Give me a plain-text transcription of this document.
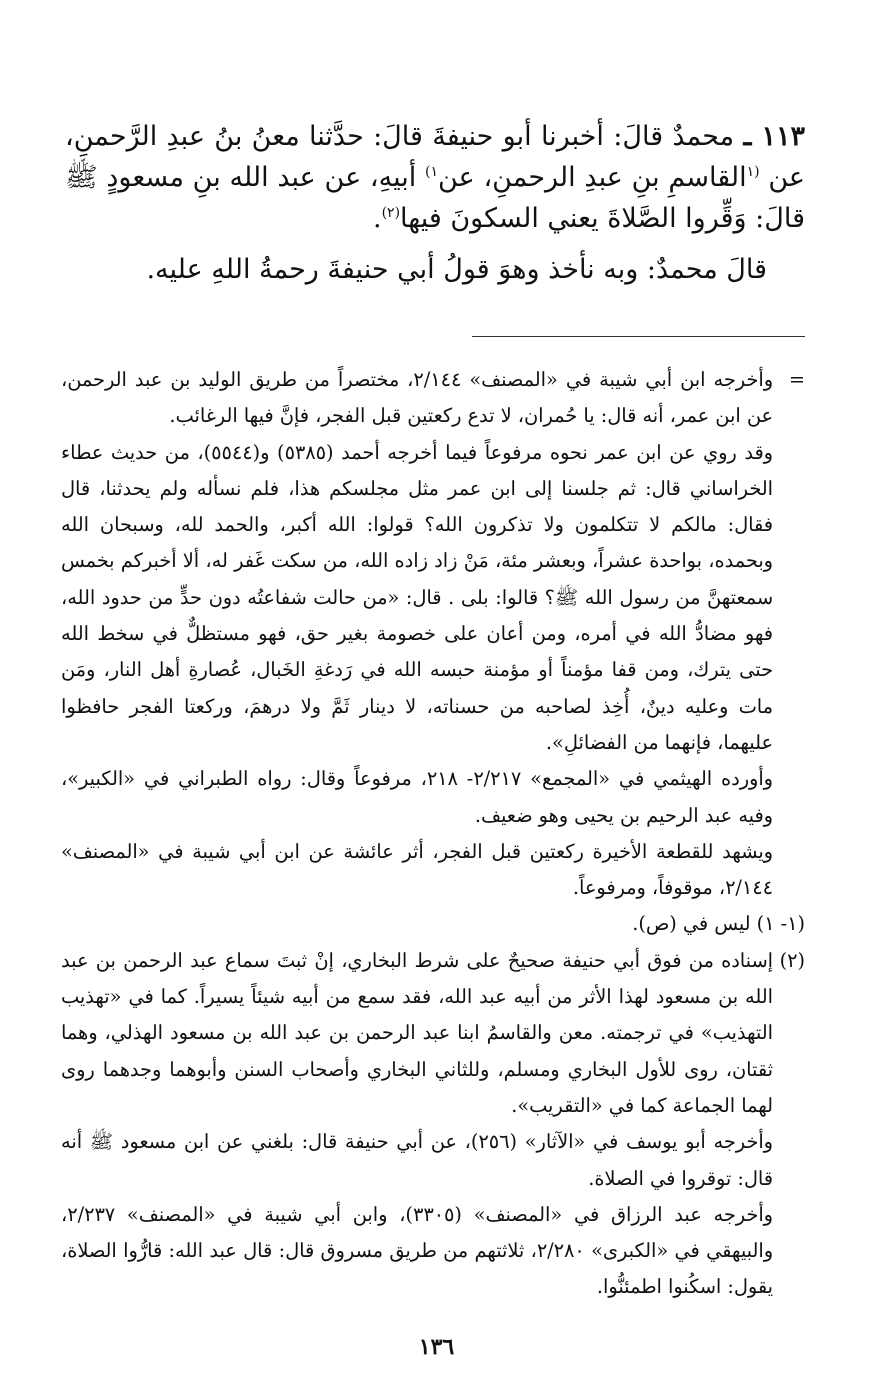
١١٣ ـ محمدٌ قالَ: أخبرنا أبو حنيفةَ قالَ: حدَّثنا معنُ بنُ عبدِ الرَّحمنِ، عن $^{(١}$القاسمِ بنِ عبدِ الرحمنِ، عن$^{١)}$ أبيهِ، عن عبد الله بنِ مسعودٍ ﷺ قالَ: وَقِّروا الصَّلاةَ يعني السكونَ فيها$^{(٢)}$.

قالَ محمدٌ: وبه نأخذ وهوَ قولُ أبي حنيفةَ رحمةُ اللهِ عليه.

=

وأخرجه ابن أبي شيبة في «المصنف» ٢/١٤٤، مختصراً من طريق الوليد بن عبد الرحمن، عن ابن عمر، أنه قال: يا حُمران، لا تدع ركعتين قبل الفجر، فإنَّ فيها الرغائب.

وقد روي عن ابن عمر نحوه مرفوعاً فيما أخرجه أحمد (٥٣٨٥) و(٥٥٤٤)، من حديث عطاء الخراساني قال: ثم جلسنا إلى ابن عمر مثل مجلسكم هذا، فلم نسأله ولم يحدثنا، قال فقال: مالكم لا تتكلمون ولا تذكرون الله؟ قولوا: الله أكبر، والحمد لله، وسبحان الله وبحمده، بواحدة عشراً، وبعشر مئة، مَنْ زاد زاده الله، من سكت غَفر له، ألا أخبركم بخمس سمعتهنَّ من رسول الله ﷺ؟ قالوا: بلى . قال: «من حالت شفاعتُه دون حدٍّ من حدود الله، فهو مضادُّ الله في أمره، ومن أعان على خصومة بغير حق، فهو مستظلٌّ في سخط الله حتى يترك، ومن قفا مؤمناً أو مؤمنة حبسه الله في رَدغةِ الخَبال، عُصارةِ أهل النار، ومَن مات وعليه دينٌ، أُخِذ لصاحبه من حسناته، لا دينار ثَمَّ ولا درهمَ، وركعتا الفجر حافظوا عليهما، فإنهما من الفضائلِ».

وأورده الهيثمي في «المجمع» ٢/٢١٧- ٢١٨، مرفوعاً وقال: رواه الطبراني في «الكبير»، وفيه عبد الرحيم بن يحيى وهو ضعيف.

ويشهد للقطعة الأخيرة ركعتين قبل الفجر، أثر عائشة عن ابن أبي شيبة في «المصنف» ٢/١٤٤، موقوفاً، ومرفوعاً.

(١- ١)

ليس في (ص).

(٢)

إسناده من فوق أبي حنيفة صحيحٌ على شرط البخاري، إنْ ثبتَ سماع عبد الرحمن بن عبد الله بن مسعود لهذا الأثر من أبيه عبد الله، فقد سمع من أبيه شيئاً يسيراً. كما في «تهذيب التهذيب» في ترجمته. معن والقاسمُ ابنا عبد الرحمن بن عبد الله بن مسعود الهذلي، وهما ثقتان، روى للأول البخاري ومسلم، وللثاني البخاري وأصحاب السنن وأبوهما وجدهما روى لهما الجماعة كما في «التقريب».

وأخرجه أبو يوسف في «الآثار» (٢٥٦)، عن أبي حنيفة قال: بلغني عن ابن مسعود ﷺ أنه قال: توقروا في الصلاة.

وأخرجه عبد الرزاق في «المصنف» (٣٣٠٥)، وابن أبي شيبة في «المصنف» ٢/٢٣٧، والبيهقي في «الكبرى» ٢/٢٨٠، ثلاثتهم من طريق مسروق قال: قال عبد الله: قارُّوا الصلاة، يقول: اسكُنوا اطمئنُّوا.

١٣٦
